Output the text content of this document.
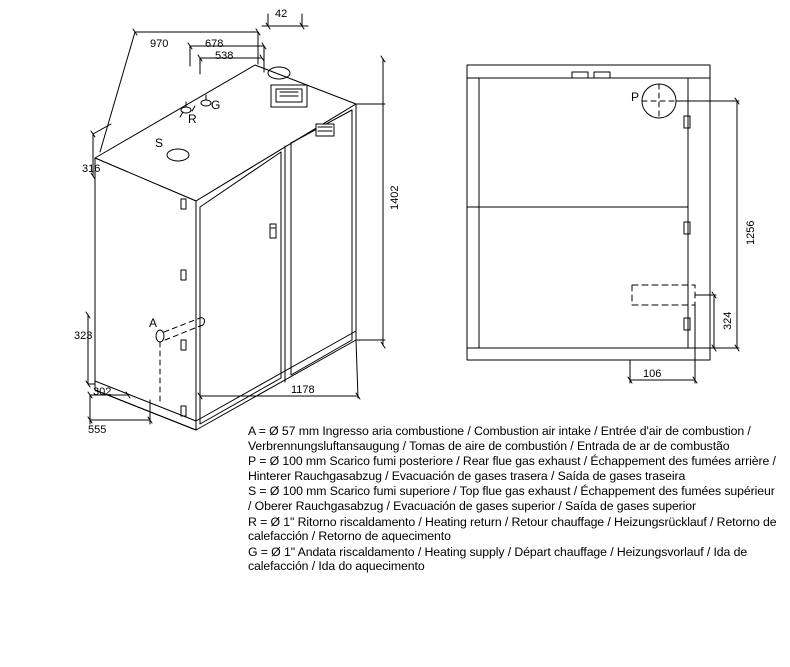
42
970	678
538
316
1402
323
302
555
1178
1256
324
106
A
G
R
S
P
A = Ø 57 mm Ingresso aria combustione / Combustion air intake / Entrée d'air de combustion / Verbrennungsluftansaugung / Tomas de aire de combustión / Entrada de ar de combustão
P = Ø 100 mm Scarico fumi posteriore / Rear flue gas exhaust / Échappement des fumées arrière / Hinterer Rauchgasabzug / Evacuación de gases trasera / Saída de gases traseira
S = Ø 100 mm Scarico fumi superiore / Top flue gas exhaust / Échappement des fumées supérieur / Oberer Rauchgasabzug / Evacuación de gases superior / Saída de gases superior
R = Ø 1" Ritorno riscaldamento / Heating return / Retour chauffage / Heizungsrücklauf / Retorno de calefacción / Retorno de aquecimento
G = Ø 1" Andata riscaldamento / Heating supply / Départ chauffage / Heizungsvorlauf / Ida de calefacción / Ida do aquecimento
